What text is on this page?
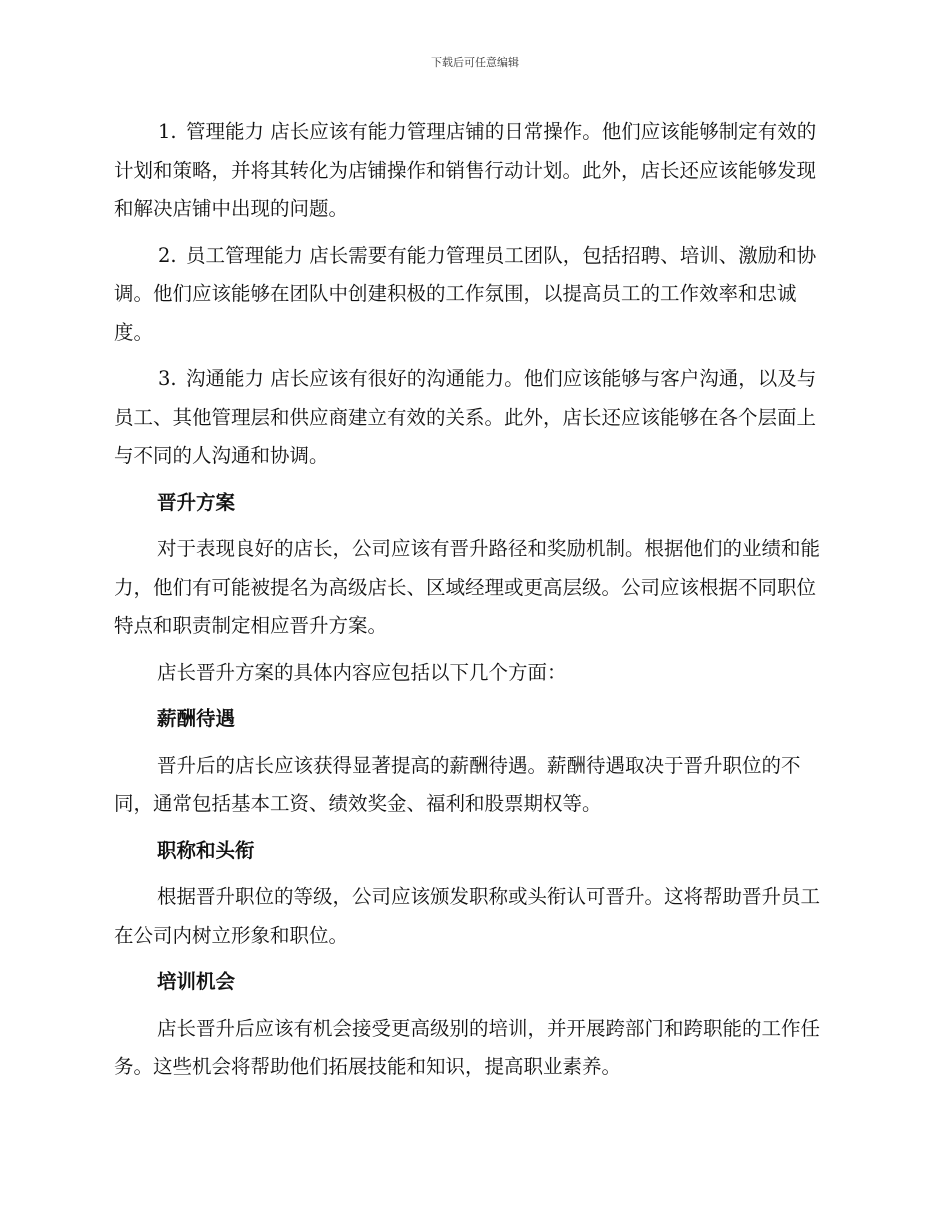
下载后可任意编辑
1. 管理能力 店长应该有能力管理店铺的日常操作。他们应该能够制定有效的计划和策略，并将其转化为店铺操作和销售行动计划。此外，店长还应该能够发现和解决店铺中出现的问题。
2. 员工管理能力 店长需要有能力管理员工团队，包括招聘、培训、激励和协调。他们应该能够在团队中创建积极的工作氛围，以提高员工的工作效率和忠诚度。
3. 沟通能力 店长应该有很好的沟通能力。他们应该能够与客户沟通，以及与员工、其他管理层和供应商建立有效的关系。此外，店长还应该能够在各个层面上与不同的人沟通和协调。
晋升方案
对于表现良好的店长，公司应该有晋升路径和奖励机制。根据他们的业绩和能力，他们有可能被提名为高级店长、区域经理或更高层级。公司应该根据不同职位特点和职责制定相应晋升方案。
店长晋升方案的具体内容应包括以下几个方面：
薪酬待遇
晋升后的店长应该获得显著提高的薪酬待遇。薪酬待遇取决于晋升职位的不同，通常包括基本工资、绩效奖金、福利和股票期权等。
职称和头衔
根据晋升职位的等级，公司应该颁发职称或头衔认可晋升。这将帮助晋升员工在公司内树立形象和职位。
培训机会
店长晋升后应该有机会接受更高级别的培训，并开展跨部门和跨职能的工作任务。这些机会将帮助他们拓展技能和知识，提高职业素养。
